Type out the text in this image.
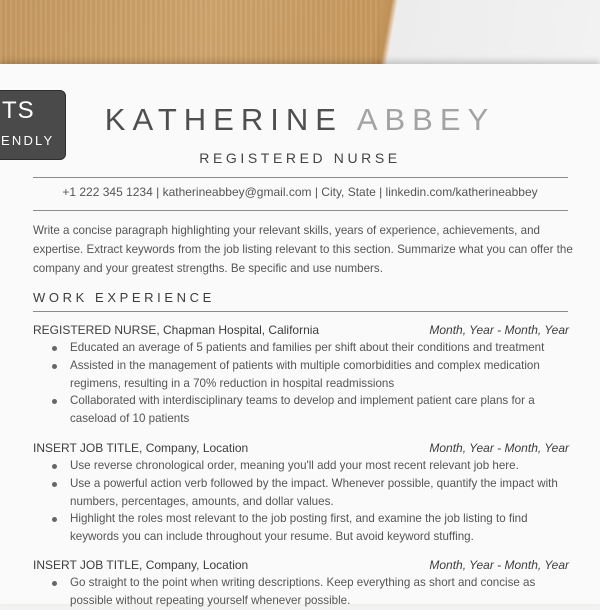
TS
ENDLY
KATHERINE ABBEY
REGISTERED NURSE
+1 222 345 1234 | katherineabbey@gmail.com | City, State | linkedin.com/katherineabbey
Write a concise paragraph highlighting your relevant skills, years of experience, achievements, and expertise. Extract keywords from the job listing relevant to this section. Summarize what you can offer the company and your greatest strengths. Be specific and use numbers.
WORK EXPERIENCE
REGISTERED NURSE, Chapman Hospital, California	Month, Year - Month, Year
Educated an average of 5 patients and families per shift about their conditions and treatment
Assisted in the management of patients with multiple comorbidities and complex medication regimens, resulting in a 70% reduction in hospital readmissions
Collaborated with interdisciplinary teams to develop and implement patient care plans for a caseload of 10 patients
INSERT JOB TITLE, Company, Location	Month, Year - Month, Year
Use reverse chronological order, meaning you'll add your most recent relevant job here.
Use a powerful action verb followed by the impact. Whenever possible, quantify the impact with numbers, percentages, amounts, and dollar values.
Highlight the roles most relevant to the job posting first, and examine the job listing to find keywords you can include throughout your resume. But avoid keyword stuffing.
INSERT JOB TITLE, Company, Location	Month, Year - Month, Year
Go straight to the point when writing descriptions. Keep everything as short and concise as possible without repeating yourself whenever possible.
